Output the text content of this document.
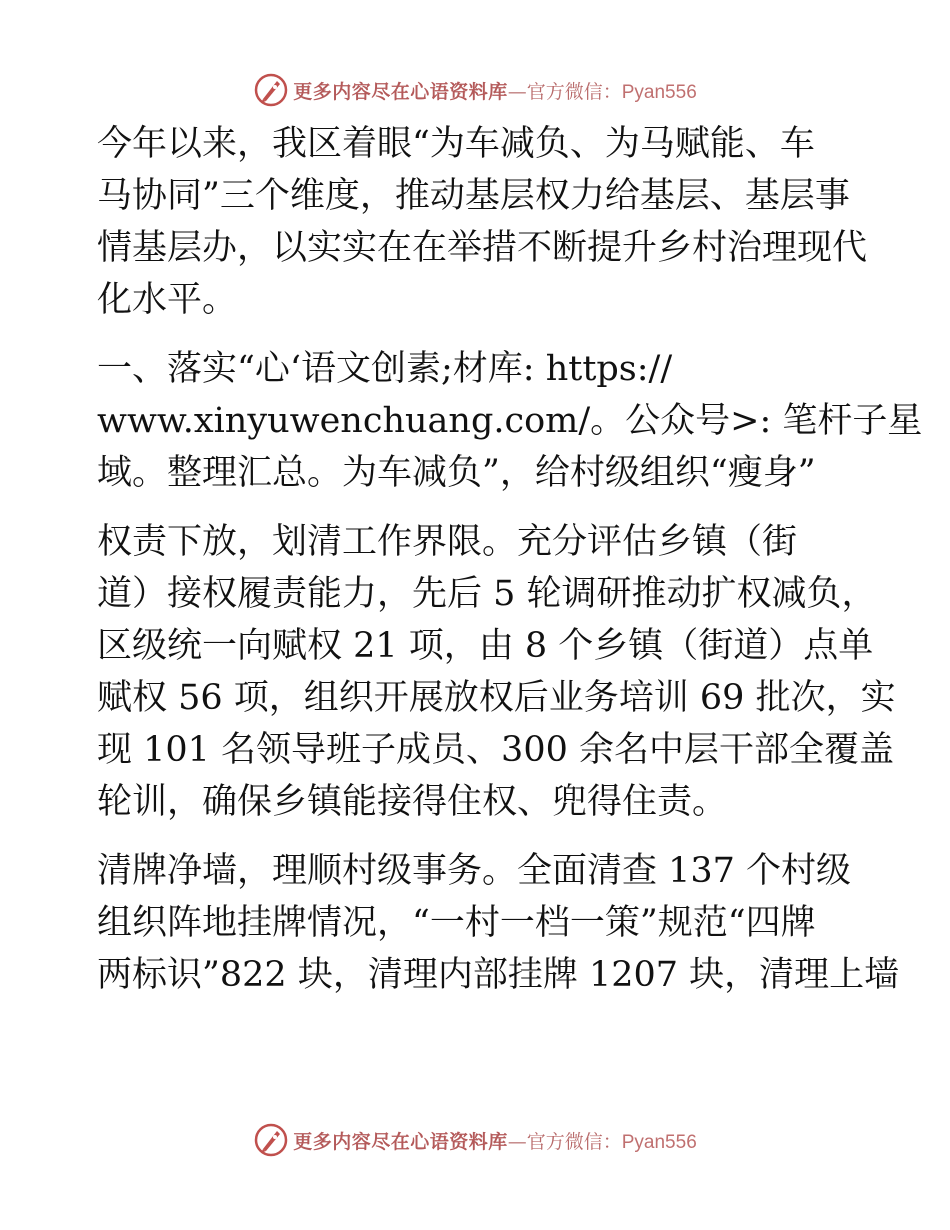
更多内容尽在心语资料库—官方微信：Pyan556
今年以来，我区着眼“为车减负、为马赋能、车
马协同”三个维度，推动基层权力给基层、基层事
情基层办，以实实在在举措不断提升乡村治理现代
化水平。
一、落实“心‘语文创素;材库: https://
www.xinyuwenchuang.com/。公众号>: 笔杆子星
域。整理汇总。为车减负”，给村级组织“瘦身”
权责下放，划清工作界限。充分评估乡镇（街
道）接权履责能力，先后 5 轮调研推动扩权减负，
区级统一向赋权 21 项，由 8 个乡镇（街道）点单
赋权 56 项，组织开展放权后业务培训 69 批次，实
现 101 名领导班子成员、300 余名中层干部全覆盖
轮训，确保乡镇能接得住权、兜得住责。
清牌净墙，理顺村级事务。全面清查 137 个村级
组织阵地挂牌情况，“一村一档一策”规范“四牌
两标识”822 块，清理内部挂牌 1207 块，清理上墙
更多内容尽在心语资料库—官方微信：Pyan556
